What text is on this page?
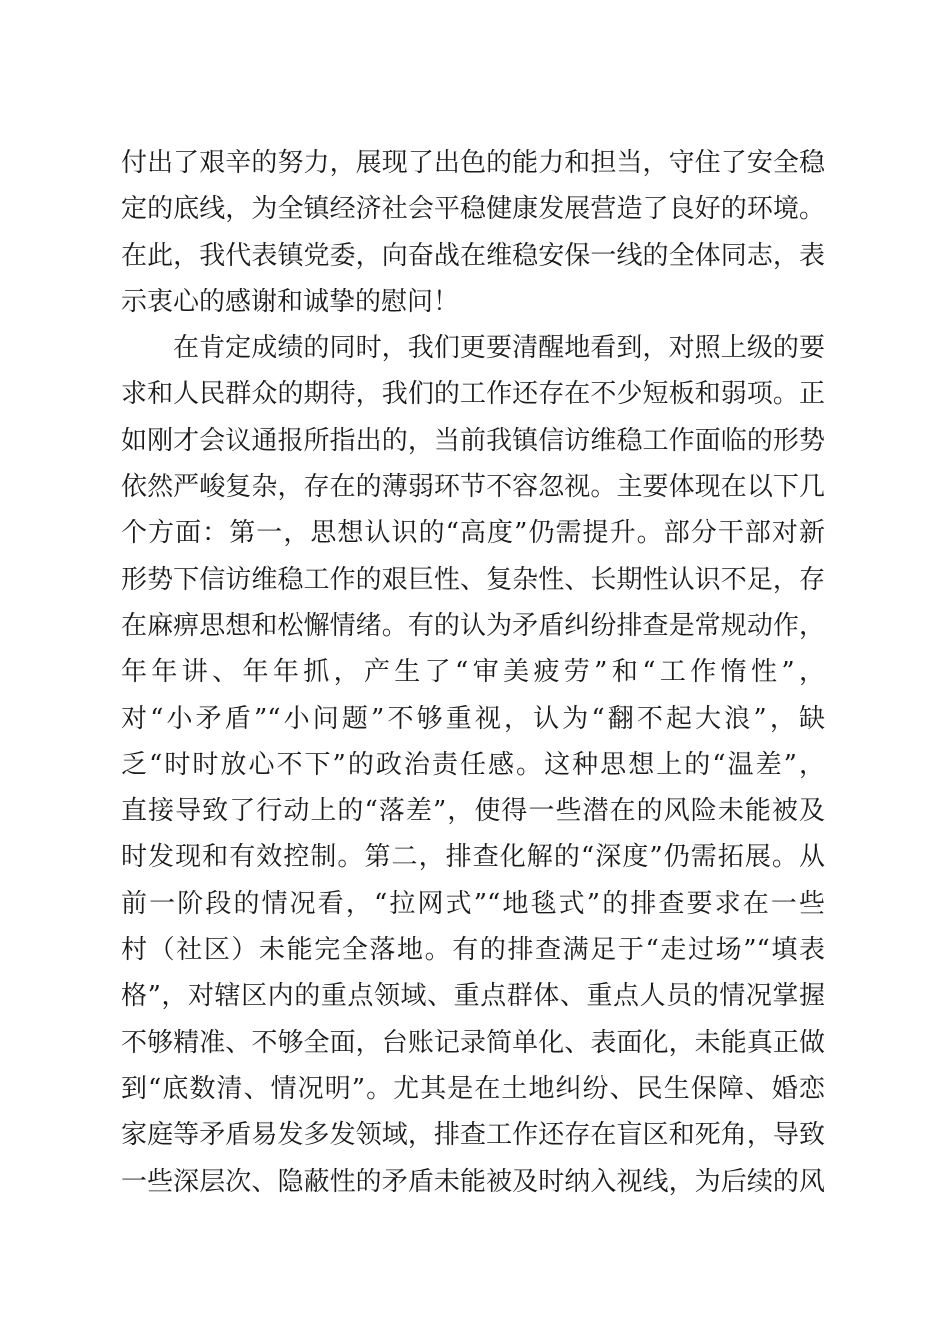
付出了艰辛的努力，展现了出色的能力和担当，守住了安全稳
定的底线，为全镇经济社会平稳健康发展营造了良好的环境。
在此，我代表镇党委，向奋战在维稳安保一线的全体同志，表
示衷心的感谢和诚挚的慰问！
在肯定成绩的同时，我们更要清醒地看到，对照上级的要
求和人民群众的期待，我们的工作还存在不少短板和弱项。正
如刚才会议通报所指出的，当前我镇信访维稳工作面临的形势
依然严峻复杂，存在的薄弱环节不容忽视。主要体现在以下几
个方面：第一，思想认识的“高度”仍需提升。部分干部对新
形势下信访维稳工作的艰巨性、复杂性、长期性认识不足，存
在麻痹思想和松懈情绪。有的认为矛盾纠纷排查是常规动作，
年年讲、年年抓，产生了“审美疲劳”和“工作惰性”，
对“小矛盾”“小问题”不够重视，认为“翻不起大浪”，缺
乏“时时放心不下”的政治责任感。这种思想上的“温差”，
直接导致了行动上的“落差”，使得一些潜在的风险未能被及
时发现和有效控制。第二，排查化解的“深度”仍需拓展。从
前一阶段的情况看，“拉网式”“地毯式”的排查要求在一些
村（社区）未能完全落地。有的排查满足于“走过场”“填表
格”，对辖区内的重点领域、重点群体、重点人员的情况掌握
不够精准、不够全面，台账记录简单化、表面化，未能真正做
到“底数清、情况明”。尤其是在土地纠纷、民生保障、婚恋
家庭等矛盾易发多发领域，排查工作还存在盲区和死角，导致
一些深层次、隐蔽性的矛盾未能被及时纳入视线，为后续的风
